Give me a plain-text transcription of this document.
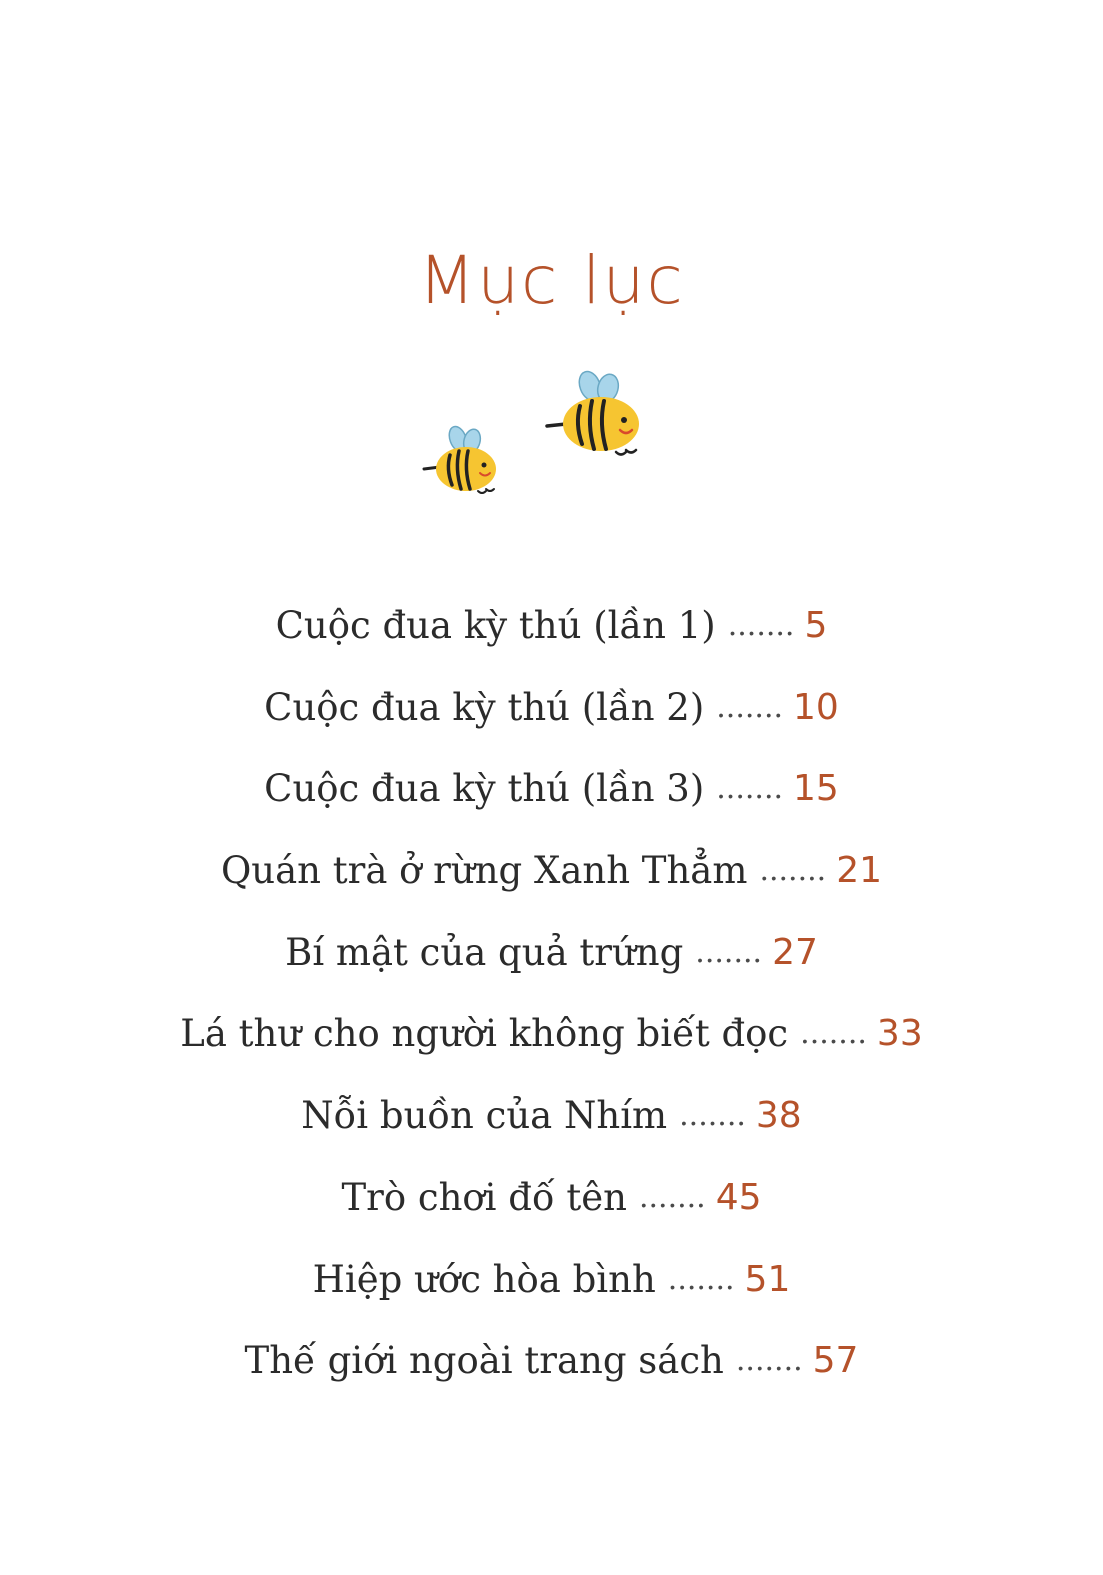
Mục lục
Cuộc đua kỳ thú (lần 1) ....... 5
Cuộc đua kỳ thú (lần 2) ....... 10
Cuộc đua kỳ thú (lần 3) ....... 15
Quán trà ở rừng Xanh Thẳm ....... 21
Bí mật của quả trứng ....... 27
Lá thư cho người không biết đọc ....... 33
Nỗi buồn của Nhím ....... 38
Trò chơi đố tên ....... 45
Hiệp ước hòa bình ....... 51
Thế giới ngoài trang sách ....... 57
